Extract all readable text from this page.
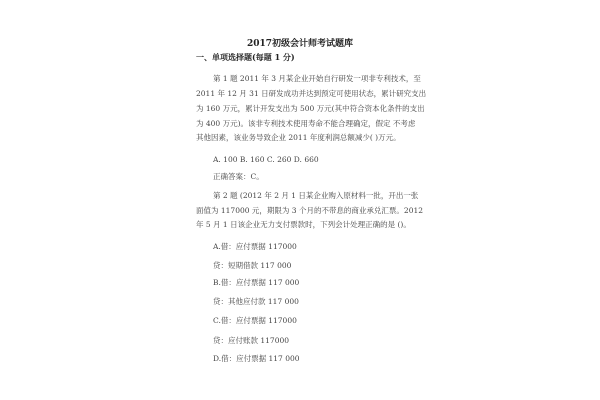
2017初级会计师考试题库
一、单项选择题(每题 1 分)
第 1 题 2011 年 3 月某企业开始自行研发一项非专利技术，至
2011 年 12 月 31 日研发成功并达到预定可使用状态，累计研究支出
为 160 万元，累计开发支出为 500 万元(其中符合资本化条件的支出
为 400 万元)。该非专利技术使用寿命不能合理确定，假定 不考虑
其他因素，该业务导致企业 2011 年度利润总额减少( )万元。
A. 100 B. 160 C. 260 D. 660
正确答案：C。
第 2 题 (2012 年 2 月 1 日某企业购入原材料一批，开出一张
面值为 117000 元，期限为 3 个月的不带息的商业承兑汇票。2012
年 5 月 1 日该企业无力支付票款时，下列会计处理正确的是 ()。
A.借：应付票据 117000
贷：短期借款 117 000
B.借：应付票据 117 000
贷：其他应付款 117 000
C.借：应付票据 117000
贷：应付账款 117000
D.借：应付票据 117 000
